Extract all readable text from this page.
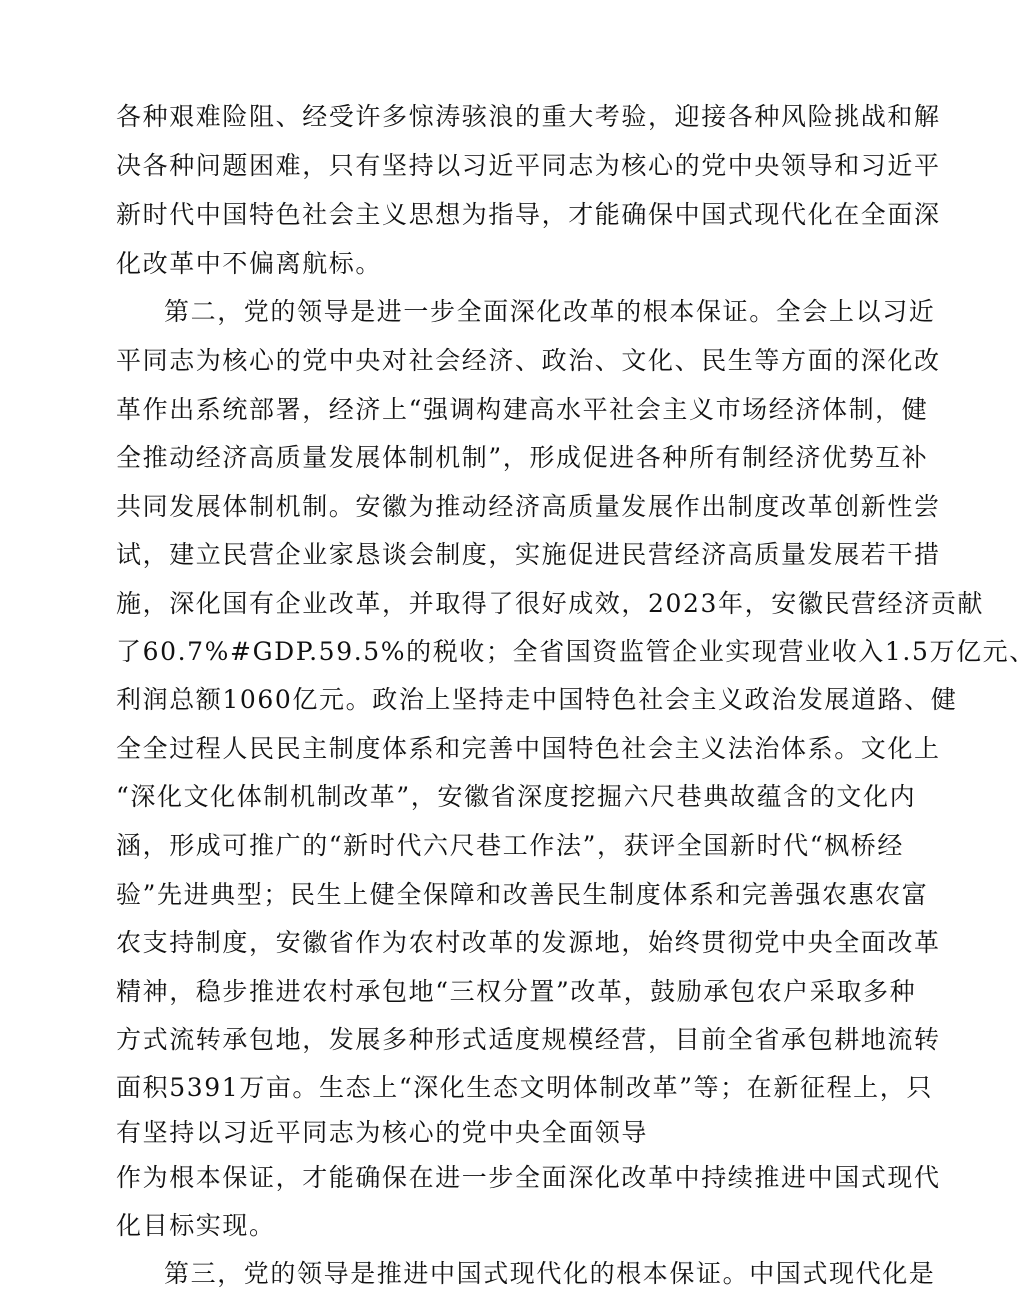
各种艰难险阻、经受许多惊涛骇浪的重大考验，迎接各种风险挑战和解
决各种问题困难，只有坚持以习近平同志为核心的党中央领导和习近平
新时代中国特色社会主义思想为指导，才能确保中国式现代化在全面深
化改革中不偏离航标。
第二，党的领导是进一步全面深化改革的根本保证。全会上以习近
平同志为核心的党中央对社会经济、政治、文化、民生等方面的深化改
革作出系统部署，经济上“强调构建高水平社会主义市场经济体制，健
全推动经济高质量发展体制机制”，形成促进各种所有制经济优势互补
共同发展体制机制。安徽为推动经济高质量发展作出制度改革创新性尝
试，建立民营企业家恳谈会制度，实施促进民营经济高质量发展若干措
施，深化国有企业改革，并取得了很好成效，2023年，安徽民营经济贡献
了60.7%#GDP.59.5%的税收；全省国资监管企业实现营业收入1.5万亿元、
利润总额1060亿元。政治上坚持走中国特色社会主义政治发展道路、健
全全过程人民民主制度体系和完善中国特色社会主义法治体系。文化上
“深化文化体制机制改革”，安徽省深度挖掘六尺巷典故蕴含的文化内
涵，形成可推广的“新时代六尺巷工作法”，获评全国新时代“枫桥经
验”先进典型；民生上健全保障和改善民生制度体系和完善强农惠农富
农支持制度，安徽省作为农村改革的发源地，始终贯彻党中央全面改革
精神，稳步推进农村承包地“三权分置”改革，鼓励承包农户采取多种
方式流转承包地，发展多种形式适度规模经营，目前全省承包耕地流转
面积5391万亩。生态上“深化生态文明体制改革”等；在新征程上，只
有坚持以习近平同志为核心的党中央全面领导
作为根本保证，才能确保在进一步全面深化改革中持续推进中国式现代
化目标实现。
第三，党的领导是推进中国式现代化的根本保证。中国式现代化是
